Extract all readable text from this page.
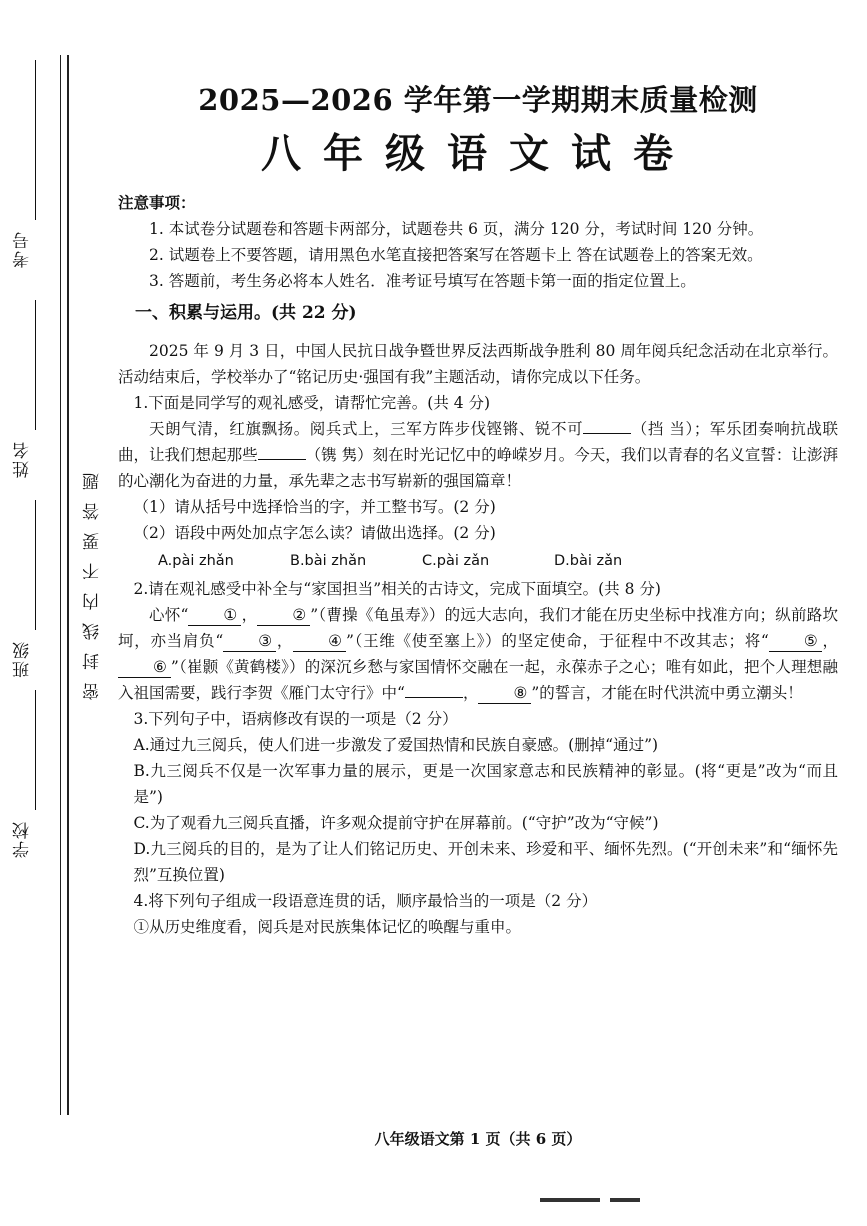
考号
姓名
班级
学校
密封线内不要答题
2025—2026 学年第一学期期末质量检测
八年级语文试卷

注意事项：

1. 本试卷分试题卷和答题卡两部分，试题卷共 6 页，满分 120 分，考试时间 120 分钟。

2. 试题卷上不要答题，请用黑色水笔直接把答案写在答题卡上 答在试题卷上的答案无效。

3. 答题前，考生务必将本人姓名．准考证号填写在答题卡第一面的指定位置上。

一、积累与运用。(共 22 分)

2025 年 9 月 3 日，中国人民抗日战争暨世界反法西斯战争胜利 80 周年阅兵纪念活动在北京举行。活动结束后，学校举办了“铭记历史·强国有我”主题活动，请你完成以下任务。

1.下面是同学写的观礼感受，请帮忙完善。(共 4 分)

天朗气清，红旗飘扬。阅兵式上，三军方阵步伐铿锵、锐不可	（挡 当）；军乐团奏响抗战联曲，让我们想起那些	（镌 隽）刻在时光记忆中的峥嵘岁月。今天，我们以青春的名义宣誓：让澎湃的心潮化为奋进的力量，承先辈之志书写崭新的强国篇章！

（1）请从括号中选择恰当的字，并工整书写。(2 分)

（2）语段中两处加点字怎么读？请做出选择。(2 分)

A.pài zhǎn	B.bài zhǎn	C.pài zǎn	D.bài zǎn

2.请在观礼感受中补全与“家国担当”相关的古诗文，完成下面填空。(共 8 分)

心怀“ ① ， ② ”（曹操《龟虽寿》）的远大志向，我们才能在历史坐标中找准方向；纵前路坎坷，亦当肩负“ ③ ， ④ ”（王维《使至塞上》）的坚定使命，于征程中不改其志；将“ ⑤ ，⑥ ”（崔颢《黄鹤楼》）的深沉乡愁与家国情怀交融在一起，永葆赤子之心；唯有如此，把个人理想融入祖国需要，践行李贺《雁门太守行》中“	， ⑧ ”的誓言，才能在时代洪流中勇立潮头！

3.下列句子中，语病修改有误的一项是（2 分）

A.通过九三阅兵，使人们进一步激发了爱国热情和民族自豪感。(删掉“通过”)

B.九三阅兵不仅是一次军事力量的展示，更是一次国家意志和民族精神的彰显。(将“更是”改为“而且是”)

C.为了观看九三阅兵直播，许多观众提前守护在屏幕前。(“守护”改为“守候”)

D.九三阅兵的目的，是为了让人们铭记历史、开创未来、珍爱和平、缅怀先烈。(“开创未来”和“缅怀先烈”互换位置)

4.将下列句子组成一段语意连贯的话，顺序最恰当的一项是（2 分）

①从历史维度看，阅兵是对民族集体记忆的唤醒与重申。

八年级语文第 1 页（共 6 页）
